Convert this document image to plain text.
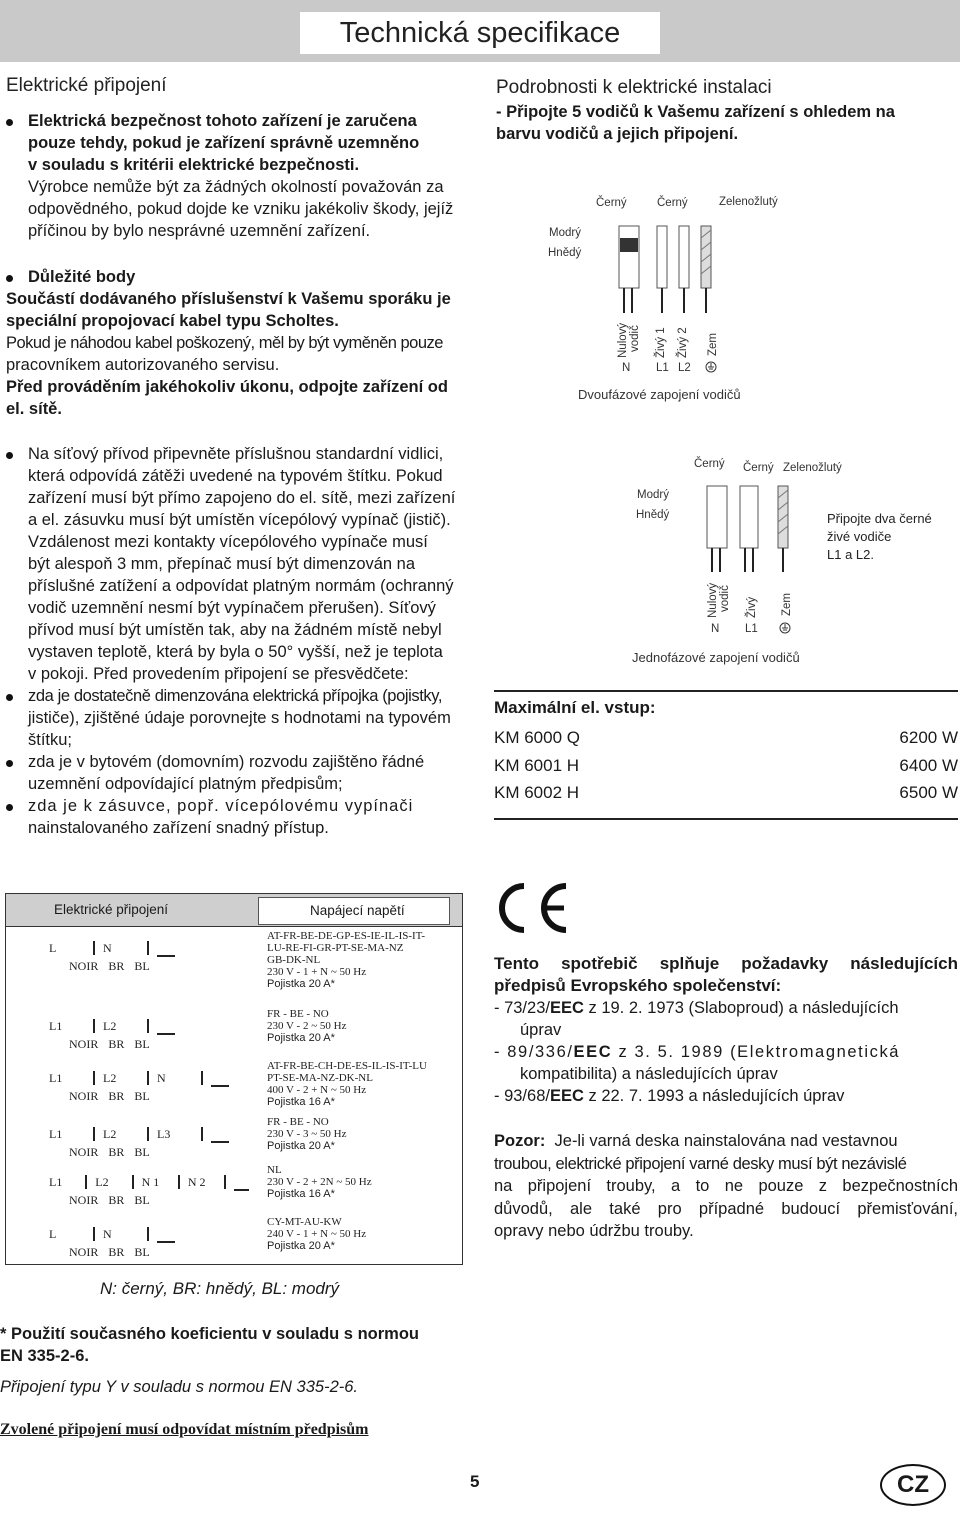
Technická specifikace
Elektrické připojení

Elektrická bezpečnost tohoto zařízení je zaručena

pouze tehdy, pokud je zařízení správně uzemněno

v souladu s kritérii elektrické bezpečnosti.

Výrobce nemůže být za žádných okolností považován za

odpovědného, pokud dojde ke vzniku jakékoliv škody, jejíž

příčinou by bylo nesprávné uzemnění zařízení.

Důležité body

Součástí dodávaného příslušenství k Vašemu sporáku je

speciální propojovací kabel typu Scholtes.

Pokud je náhodou kabel poškozený, měl by být vyměněn pouze

pracovníkem autorizovaného servisu.

Před prováděním jakéhokoliv úkonu, odpojte zařízení od

el. sítě.

Na síťový přívod připevněte příslušnou standardní vidlici,

která odpovídá zátěži uvedené na typovém štítku. Pokud

zařízení musí být přímo zapojeno do el. sítě, mezi zařízení

a el. zásuvku musí být umístěn vícepólový vypínač (jistič).

Vzdálenost mezi kontakty vícepólového vypínače musí

být alespoň 3 mm, přepínač musí být dimenzován na

příslušné zatížení a odpovídat platným normám (ochranný

vodič uzemnění nesmí být vypínačem přerušen). Síťový

přívod musí být umístěn tak, aby na žádném místě nebyl

vystaven teplotě, která by byla o 50° vyšší, než je teplota

v pokoji. Před provedením připojení se přesvědčete:

zda je dostatečně dimenzována elektrická přípojka (pojistky,

jističe), zjištěné údaje porovnejte s hodnotami na typovém

štítku;

zda je v bytovém (domovním) rozvodu zajištěno řádné

uzemnění odpovídající platným předpisům;

zda je k zásuvce, popř. vícepólovému vypínači

nainstalovaného zařízení snadný přístup.

Podrobnosti k elektrické instalaci

- Připojte 5 vodičů k Vašemu zařízení s ohledem na

barvu vodičů a jejich připojení.

Černý	Černý	Zelenožlutý
Modrý
Hnědý
Nulový vodič Živý 1 Živý 2 Zem
N L1 L2
Dvoufázové zapojení vodičů
Černý Černý Zelenožlutý
Modrý
Hnědý
Nulový vodič Živý Zem
N L1
Jednofázové zapojení vodičů
Připojte dva černé
živé vodiče
L1 a L2.
Maximální el. vstup:
KM 6000 Q	6200 W
KM 6001 H	6400 W
KM 6002 H	6500 W
Elektrické připojení	Napájecí napětí
L	N
NOIR BR BL
AT-FR-BE-DE-GP-ES-IE-IL-IS-IT-
LU-RE-FI-GR-PT-SE-MA-NZ
GB-DK-NL
230 V - 1 + N ~ 50 Hz
Pojistka 20 A*
L1	L2
NOIR BR BL
FR - BE - NO
230 V - 2 ~ 50 Hz
Pojistka 20 A*
L1	L2	N
NOIR BR BL
AT-FR-BE-CH-DE-ES-IL-IS-IT-LU
PT-SE-MA-NZ-DK-NL
400 V - 2 + N ~ 50 Hz
Pojistka 16 A*
L1	L2	L3
NOIR BR BL
FR - BE - NO
230 V - 3 ~ 50 Hz
Pojistka 20 A*
L1	L2	N 1	N 2
NOIR BR BL
NL
230 V - 2 + 2N ~ 50 Hz
Pojistka 16 A*
L	N
NOIR BR BL
CY-MT-AU-KW
240 V - 1 + N ~ 50 Hz
Pojistka 20 A*
N: černý, BR: hnědý, BL: modrý
* Použití současného koeficientu v souladu s normou
EN 335-2-6.
Připojení typu Y v souladu s normou EN 335-2-6.
Zvolené připojení musí odpovídat místním předpisům
Tento spotřebič splňuje požadavky následujících
předpisů Evropského společenství:
- 73/23/EEC z 19. 2. 1973 (Slaboproud) a následujících
úprav
- 89/336/EEC z 3. 5. 1989 (Elektromagnetická
kompatibilita) a následujících úprav
- 93/68/EEC z 22. 7. 1993 a následujících úprav
Pozor: Je-li varná deska nainstalována nad vestavnou
troubou, elektrické připojení varné desky musí být nezávislé
na připojení trouby, a to ne pouze z bezpečnostních
důvodů, ale také pro případné budoucí přemisťování,
opravy nebo údržbu trouby.
5	CZ
